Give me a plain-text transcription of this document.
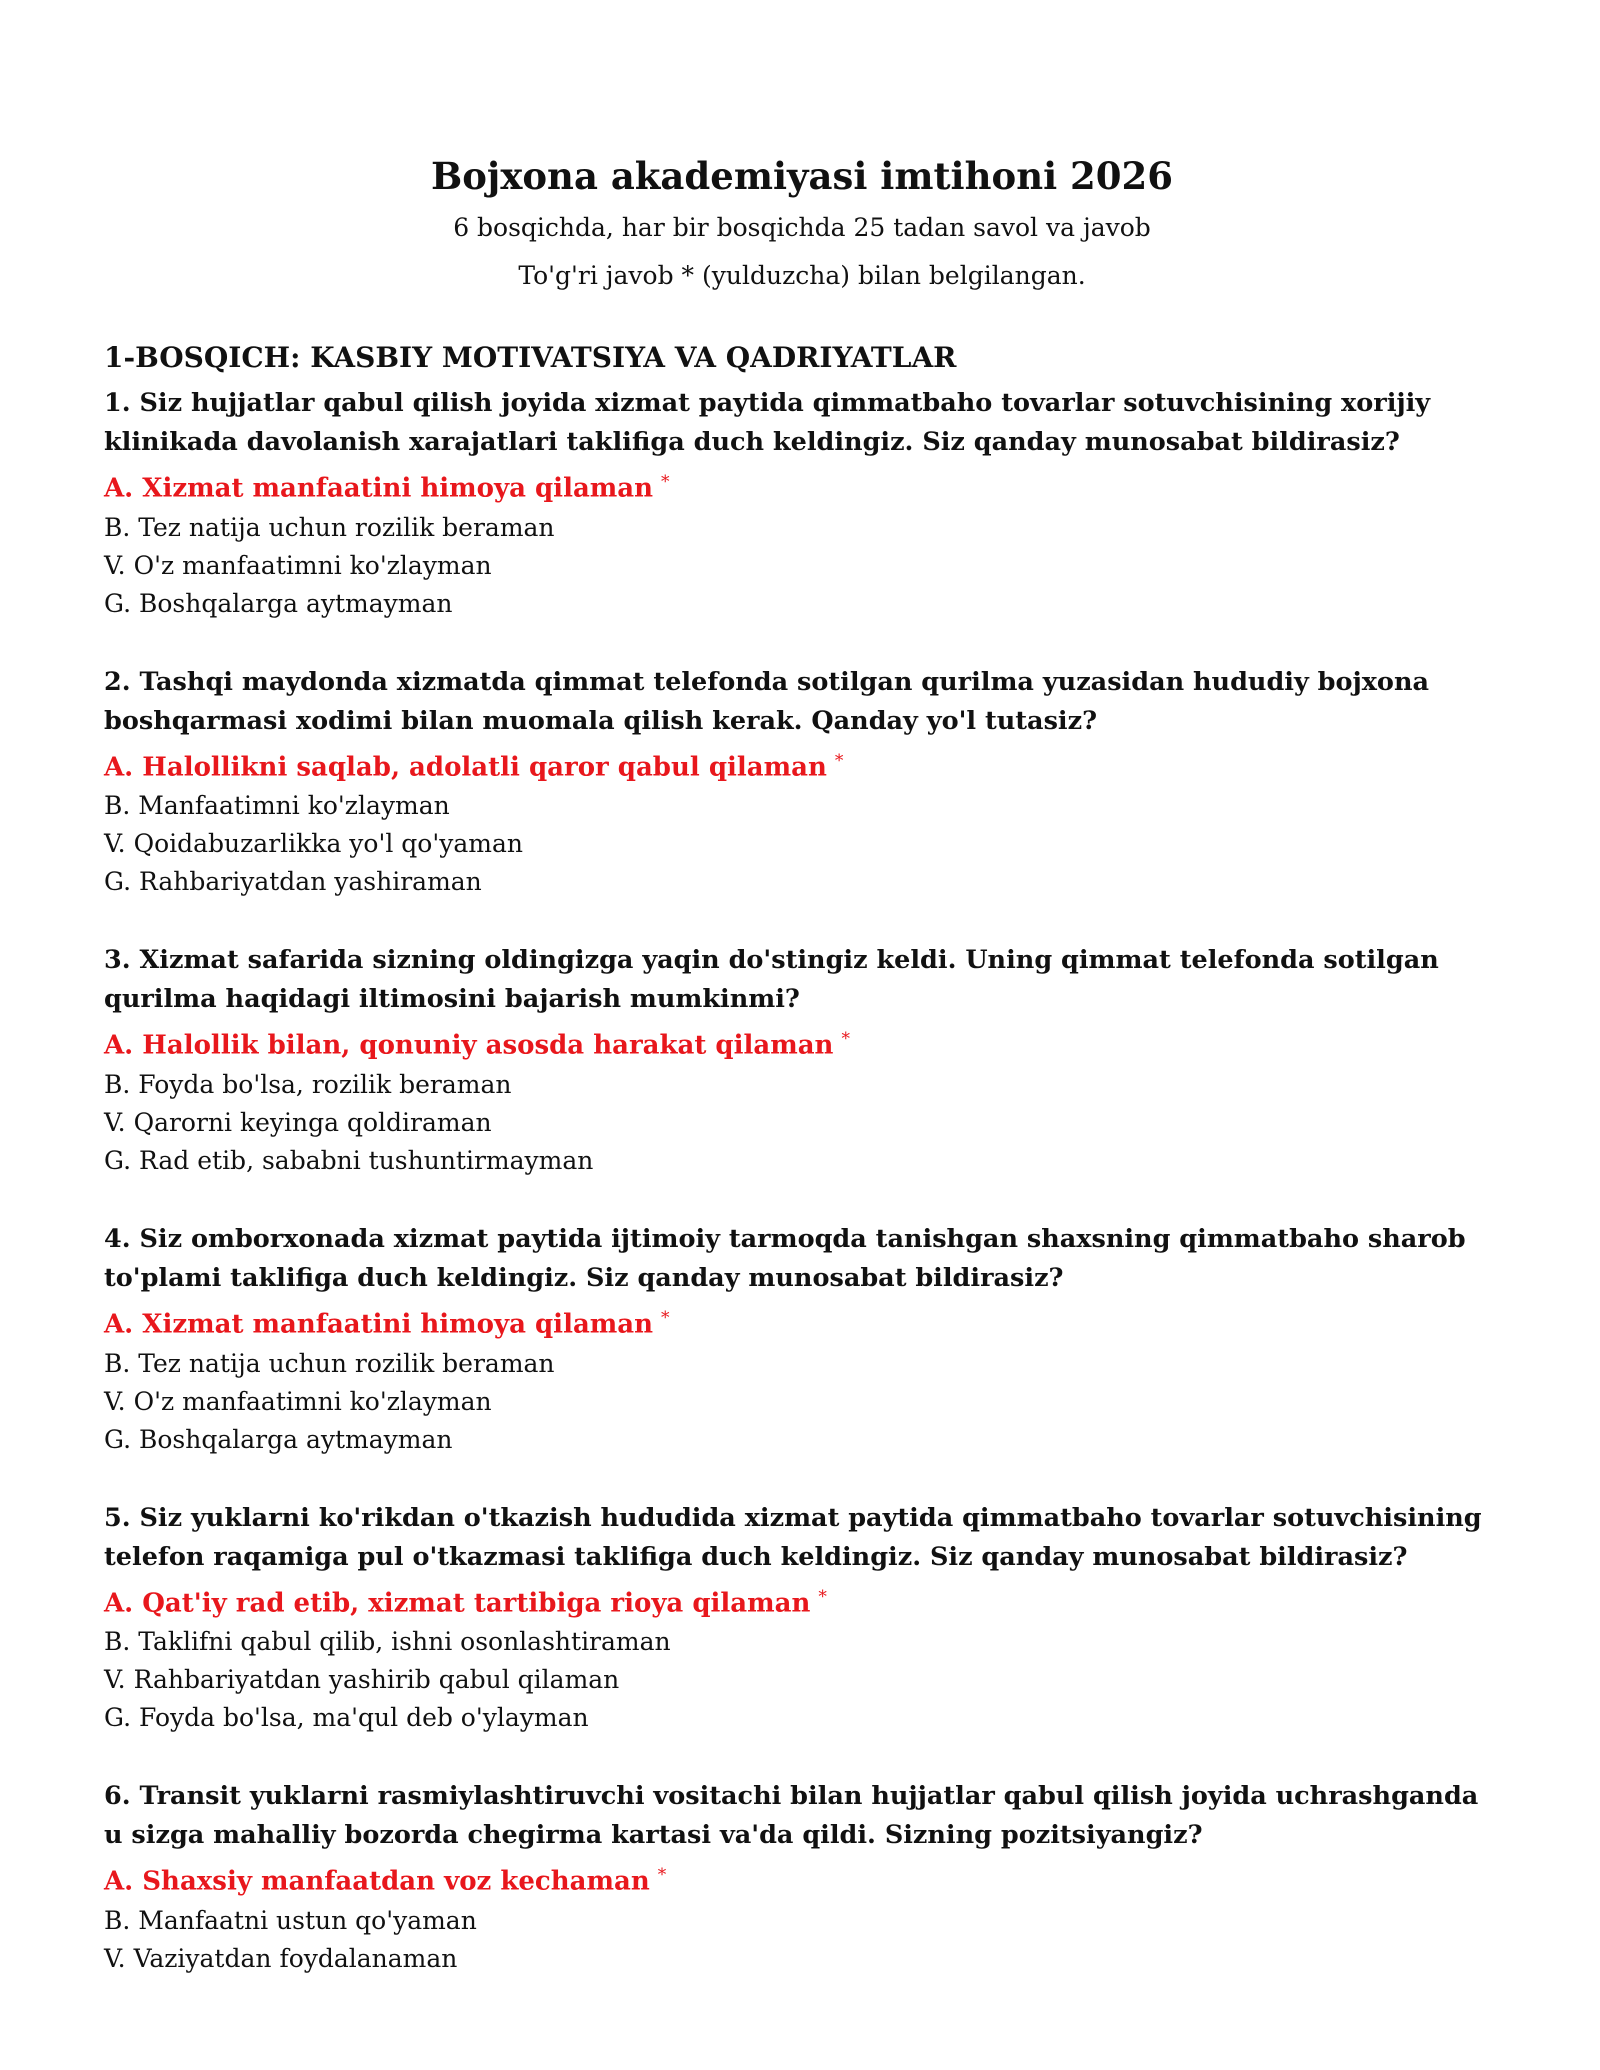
Bojxona akademiyasi imtihoni 2026

6 bosqichda, har bir bosqichda 25 tadan savol va javob

To'g'ri javob * (yulduzcha) bilan belgilangan.

1-BOSQICH: KASBIY MOTIVATSIYA VA QADRIYATLAR

1. Siz hujjatlar qabul qilish joyida xizmat paytida qimmatbaho tovarlar sotuvchisining xorijiy klinikada davolanish xarajatlari taklifiga duch keldingiz. Siz qanday munosabat bildirasiz?

A. Xizmat manfaatini himoya qilaman *

B. Tez natija uchun rozilik beraman

V. O'z manfaatimni ko'zlayman

G. Boshqalarga aytmayman

2. Tashqi maydonda xizmatda qimmat telefonda sotilgan qurilma yuzasidan hududiy bojxona boshqarmasi xodimi bilan muomala qilish kerak. Qanday yo'l tutasiz?

A. Halollikni saqlab, adolatli qaror qabul qilaman *

B. Manfaatimni ko'zlayman

V. Qoidabuzarlikka yo'l qo'yaman

G. Rahbariyatdan yashiraman

3. Xizmat safarida sizning oldingizga yaqin do'stingiz keldi. Uning qimmat telefonda sotilgan qurilma haqidagi iltimosini bajarish mumkinmi?

A. Halollik bilan, qonuniy asosda harakat qilaman *

B. Foyda bo'lsa, rozilik beraman

V. Qarorni keyinga qoldiraman

G. Rad etib, sababni tushuntirmayman

4. Siz omborxonada xizmat paytida ijtimoiy tarmoqda tanishgan shaxsning qimmatbaho sharob to'plami taklifiga duch keldingiz. Siz qanday munosabat bildirasiz?

A. Xizmat manfaatini himoya qilaman *

B. Tez natija uchun rozilik beraman

V. O'z manfaatimni ko'zlayman

G. Boshqalarga aytmayman

5. Siz yuklarni ko'rikdan o'tkazish hududida xizmat paytida qimmatbaho tovarlar sotuvchisining telefon raqamiga pul o'tkazmasi taklifiga duch keldingiz. Siz qanday munosabat bildirasiz?

A. Qat'iy rad etib, xizmat tartibiga rioya qilaman *

B. Taklifni qabul qilib, ishni osonlashtiraman

V. Rahbariyatdan yashirib qabul qilaman

G. Foyda bo'lsa, ma'qul deb o'ylayman

6. Transit yuklarni rasmiylashtiruvchi vositachi bilan hujjatlar qabul qilish joyida uchrashganda u sizga mahalliy bozorda chegirma kartasi va'da qildi. Sizning pozitsiyangiz?

A. Shaxsiy manfaatdan voz kechaman *

B. Manfaatni ustun qo'yaman

V. Vaziyatdan foydalanaman
